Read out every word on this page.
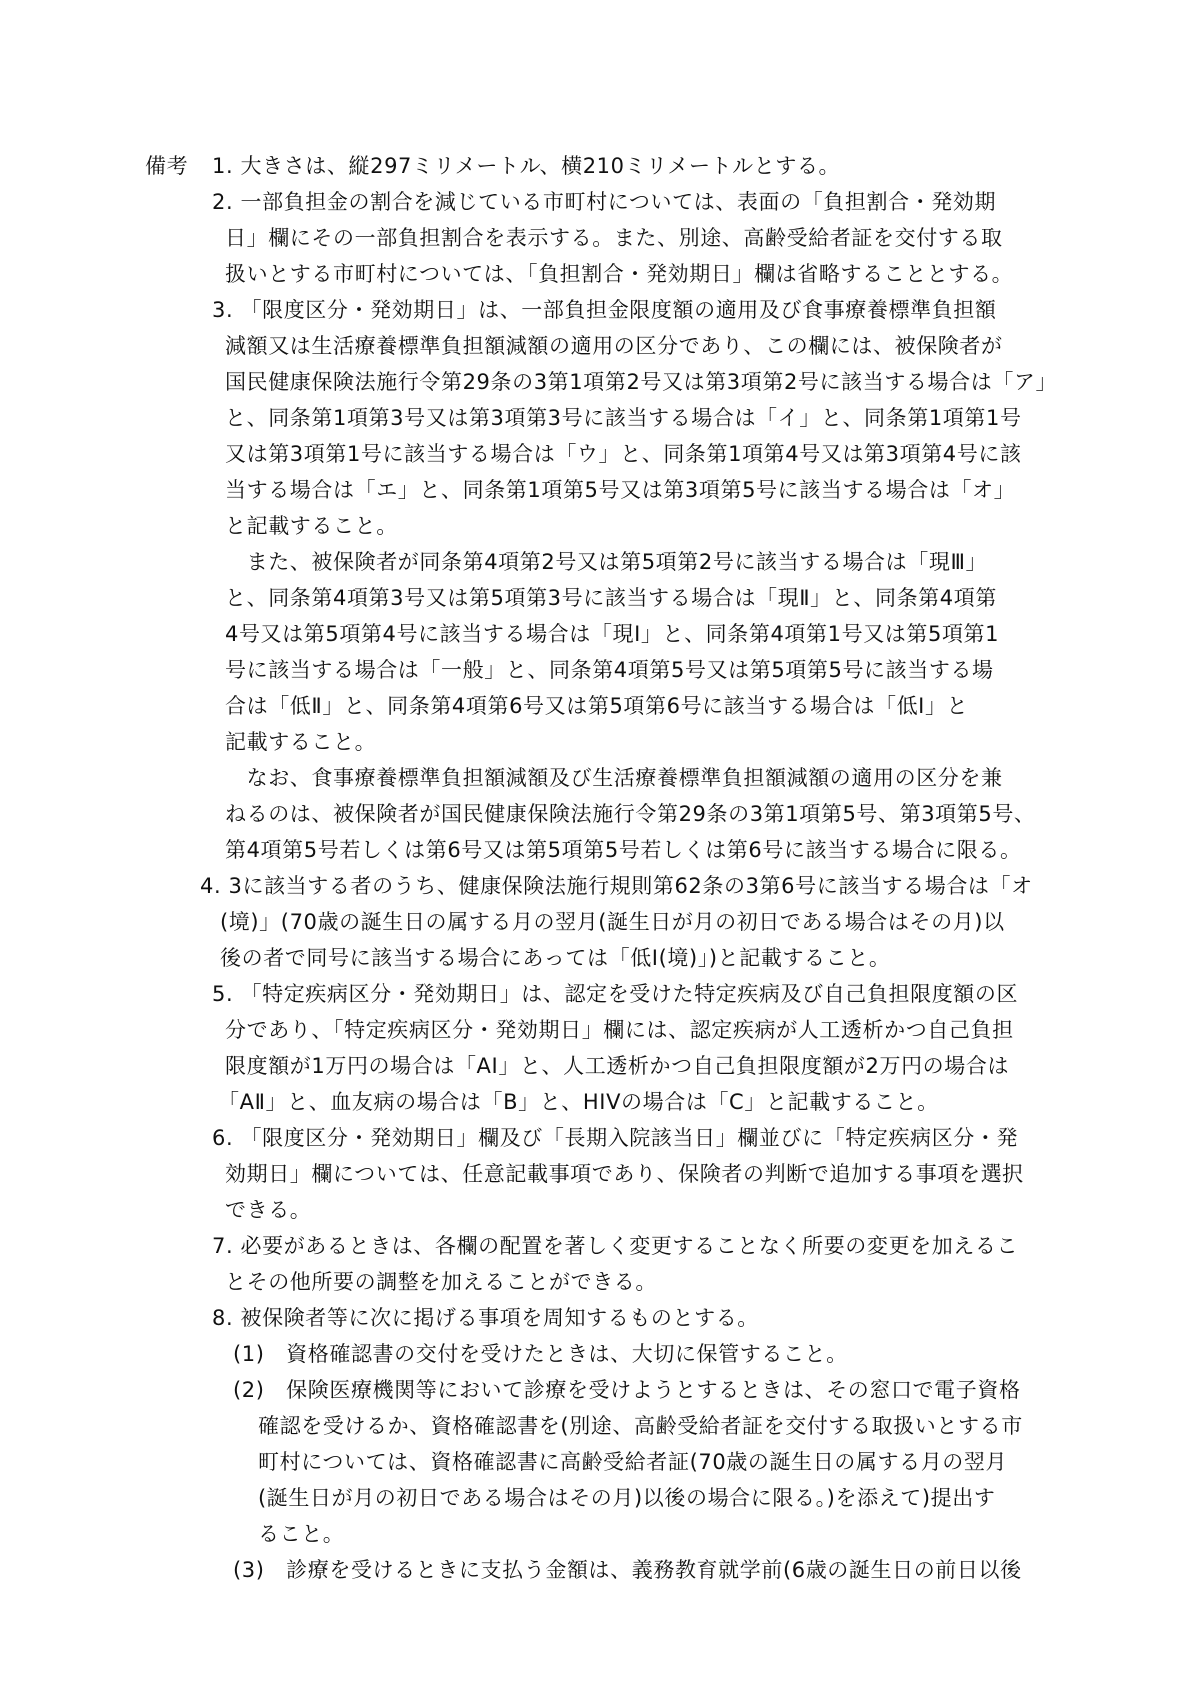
備考 1. 大きさは、縦297ミリメートル、横210ミリメートルとする。
2. 一部負担金の割合を減じている市町村については、表面の「負担割合・発効期
日」欄にその一部負担割合を表示する。また、別途、高齢受給者証を交付する取
扱いとする市町村については、「負担割合・発効期日」欄は省略することとする。
3. 「限度区分・発効期日」は、一部負担金限度額の適用及び食事療養標準負担額
減額又は生活療養標準負担額減額の適用の区分であり、この欄には、被保険者が
国民健康保険法施行令第29条の3第1項第2号又は第3項第2号に該当する場合は「ア」
と、同条第1項第3号又は第3項第3号に該当する場合は「イ」と、同条第1項第1号
又は第3項第1号に該当する場合は「ウ」と、同条第1項第4号又は第3項第4号に該
当する場合は「エ」と、同条第1項第5号又は第3項第5号に該当する場合は「オ」
と記載すること。
　また、被保険者が同条第4項第2号又は第5項第2号に該当する場合は「現Ⅲ」
と、同条第4項第3号又は第5項第3号に該当する場合は「現Ⅱ」と、同条第4項第
4号又は第5項第4号に該当する場合は「現Ⅰ」と、同条第4項第1号又は第5項第1
号に該当する場合は「一般」と、同条第4項第5号又は第5項第5号に該当する場
合は「低Ⅱ」と、同条第4項第6号又は第5項第6号に該当する場合は「低Ⅰ」と
記載すること。
　なお、食事療養標準負担額減額及び生活療養標準負担額減額の適用の区分を兼
ねるのは、被保険者が国民健康保険法施行令第29条の3第1項第5号、第3項第5号、
第4項第5号若しくは第6号又は第5項第5号若しくは第6号に該当する場合に限る。
4. 3に該当する者のうち、健康保険法施行規則第62条の3第6号に該当する場合は「オ
(境)」(70歳の誕生日の属する月の翌月(誕生日が月の初日である場合はその月)以
後の者で同号に該当する場合にあっては「低Ⅰ(境)」)と記載すること。
5. 「特定疾病区分・発効期日」は、認定を受けた特定疾病及び自己負担限度額の区
分であり、「特定疾病区分・発効期日」欄には、認定疾病が人工透析かつ自己負担
限度額が1万円の場合は「AⅠ」と、人工透析かつ自己負担限度額が2万円の場合は
「AⅡ」と、血友病の場合は「B」と、HIVの場合は「C」と記載すること。
6. 「限度区分・発効期日」欄及び「長期入院該当日」欄並びに「特定疾病区分・発
効期日」欄については、任意記載事項であり、保険者の判断で追加する事項を選択
できる。
7. 必要があるときは、各欄の配置を著しく変更することなく所要の変更を加えるこ
とその他所要の調整を加えることができる。
8. 被保険者等に次に掲げる事項を周知するものとする。
(1)　資格確認書の交付を受けたときは、大切に保管すること。
(2)　保険医療機関等において診療を受けようとするときは、その窓口で電子資格
確認を受けるか、資格確認書を(別途、高齢受給者証を交付する取扱いとする市
町村については、資格確認書に高齢受給者証(70歳の誕生日の属する月の翌月
(誕生日が月の初日である場合はその月)以後の場合に限る。)を添えて)提出す
ること。
(3)　診療を受けるときに支払う金額は、義務教育就学前(6歳の誕生日の前日以後
